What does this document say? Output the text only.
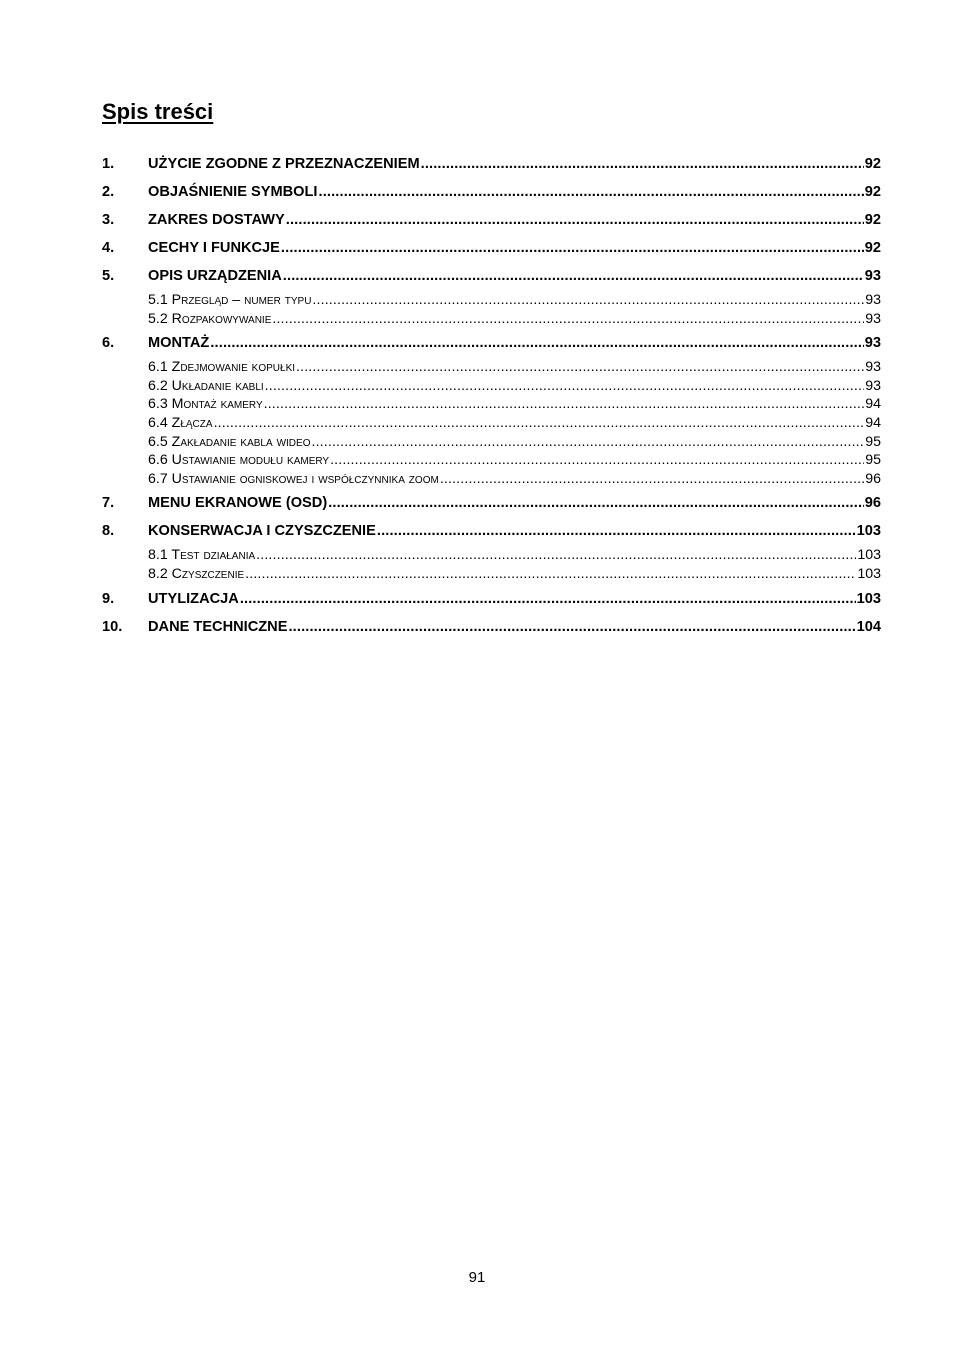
Spis treści
1.	UŻYCIE ZGODNE Z PRZEZNACZENIEM .....	92
2.	OBJAŚNIENIE SYMBOLI .....	92
3.	ZAKRES DOSTAWY .....	92
4.	CECHY I FUNKCJE .....	92
5.	OPIS URZĄDZENIA .....	93
5.1 Przegląd – numer typu .....	93
5.2 Rozpakowywanie .....	93
6.	MONTAŻ .....	93
6.1 Zdejmowanie kopułki .....	93
6.2 Układanie kabli .....	93
6.3 Montaż kamery .....	94
6.4 Złącza .....	94
6.5 Zakładanie kabla wideo .....	95
6.6 Ustawianie modułu kamery .....	95
6.7 Ustawianie ogniskowej i współczynnika zoom .....	96
7.	MENU EKRANOWE (OSD) .....	96
8.	KONSERWACJA I CZYSZCZENIE .....	103
8.1 Test działania .....	103
8.2 Czyszczenie .....	103
9.	UTYLIZACJA .....	103
10.	DANE TECHNICZNE .....	104

91
